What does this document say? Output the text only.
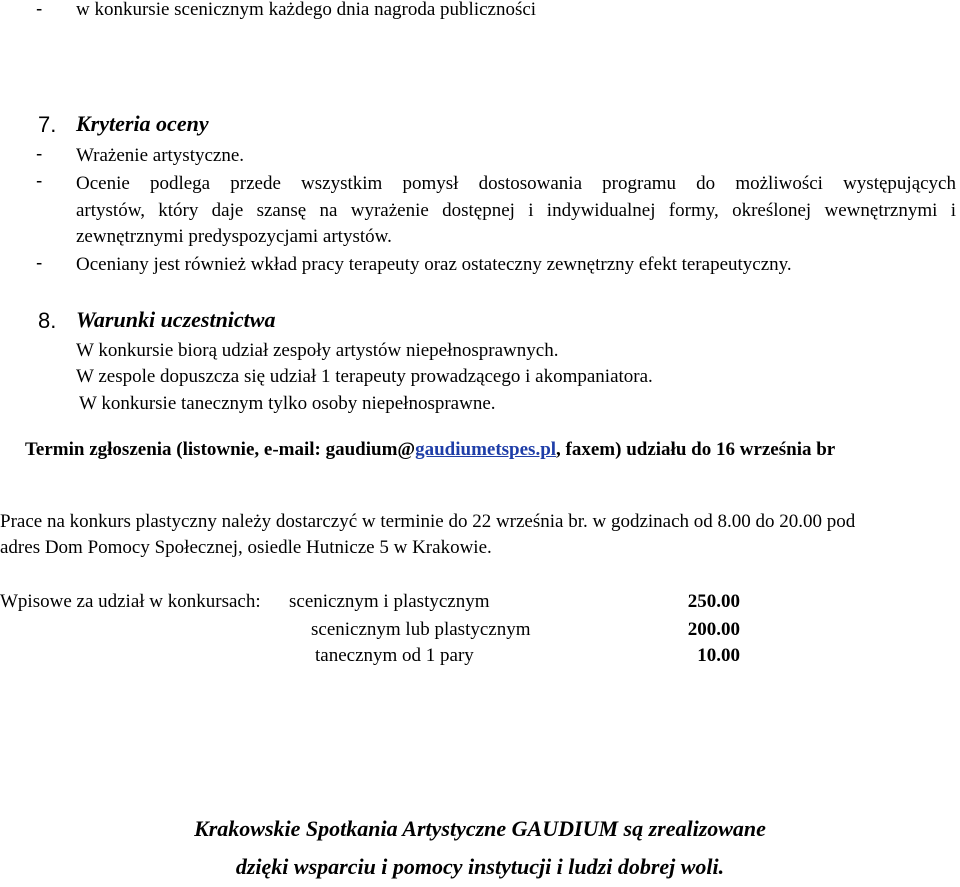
- w konkursie scenicznym każdego dnia nagroda publiczności
7. Kryteria oceny
- Wrażenie artystyczne.
- Ocenie podlega przede wszystkim pomysł dostosowania programu do możliwości występujących
artystów, który daje szansę na wyrażenie dostępnej i indywidualnej formy, określonej wewnętrznymi i
zewnętrznymi predyspozycjami artystów.
- Oceniany jest również wkład pracy terapeuty oraz ostateczny zewnętrzny efekt terapeutyczny.
8. Warunki uczestnictwa
W konkursie biorą udział zespoły artystów niepełnosprawnych.
W zespole dopuszcza się udział 1 terapeuty prowadzącego i akompaniatora.
W konkursie tanecznym tylko osoby niepełnosprawne.
Termin zgłoszenia (listownie, e-mail: gaudium@gaudiumetspes.pl, faxem) udziału do 16 września br
Prace na konkurs plastyczny należy dostarczyć w terminie do 22 września br. w godzinach od 8.00 do 20.00 pod
adres Dom Pomocy Społecznej, osiedle Hutnicze 5 w Krakowie.
Wpisowe za udział w konkursach: scenicznym i plastycznym	250.00
scenicznym lub plastycznym	200.00
tanecznym od 1 pary	10.00
Krakowskie Spotkania Artystyczne GAUDIUM są zrealizowane
dzięki wsparciu i pomocy instytucji i ludzi dobrej woli.
